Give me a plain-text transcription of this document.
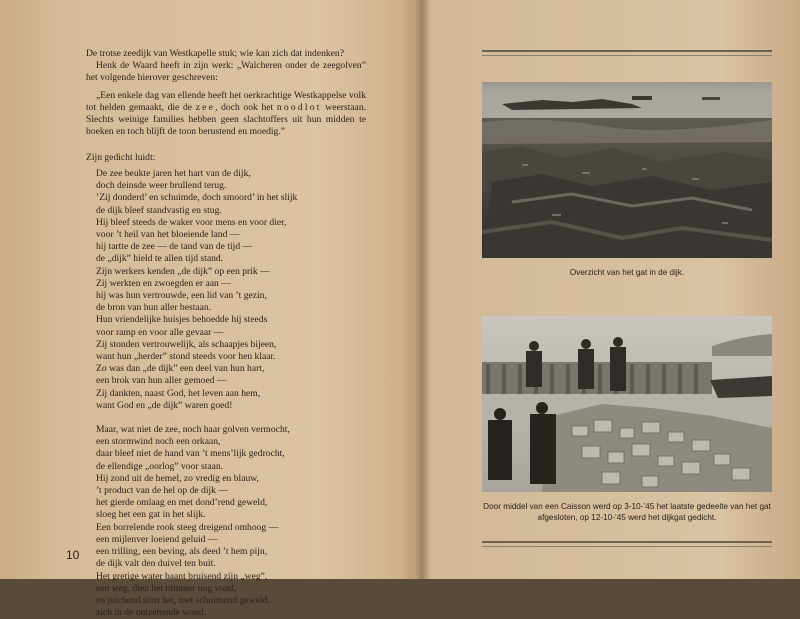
De trotse zeedijk van Westkapelle stuk; wie kan zich dat indenken?

Henk de Waard heeft in zijn werk: „Walcheren onder de zeegolven” het volgende hierover geschreven:

„Een enkele dag van ellende heeft het oerkrachtige Westkappelse volk tot helden gemaakt, die de zee, doch ook het noodlot weerstaan. Slechts weinige families hebben geen slachtoffers uit hun midden te boeken en toch blijft de toon berustend en moedig.”

Zijn gedicht luidt:
De zee beukte jaren het hart van de dijk,
doch deinsde weer brullend terug.
’Zij donderd’ en schuimde, doch smoord’ in het slijk
de dijk bleef standvastig en stug.
Hij bleef steeds de waker voor mens en voor dier,
voor ’t heil van het bloeiende land —
hij tartte de zee — de tand van de tijd —
de „dijk” hield te allen tijd stand.
Zijn werkers kenden „de dijk” op een prik —
Zij werkten en zwoegden er aan —
hij was hun vertrouwde, een lid van ’t gezin,
de bron van hun aller bestaan.
Hun vriendelijke huisjes behoedde hij steeds
voor ramp en voor alle gevaar —
Zij stonden vertrouwelijk, als schaapjes bijeen,
want hun „herder” stond steeds voor hen klaar.
Zo was dan „de dijk” een deel van hun hart,
een brok van hun aller gemoed —
Zij dankten, naast God, het leven aan hem,
want God en „de dijk” waren goed!
Maar, wat niet de zee, noch haar golven vermocht,
een stormwind noch een orkaan,
daar bleef niet de hand van ’t mens’lijk gedrocht,
de ellendige „oorlog” voor staan.
Hij zond uit de hemel, zo vredig en blauw,
’t product van de hel op de dijk —
het gierde omlaag en met dond’rend geweld,
sloeg het een gat in het slijk.
Een borrelende rook steeg dreigend omhoog —
een mijlenver loeiend geluid —
een trilling, een beving, als deed ’t hem pijn,
de dijk valt den duivel ten buit.
Het gretige water baant bruisend zijn „weg”,
een weg, dien het nimmer nog vond,
en juichend stort het, met schuimend geweld,
zich in de ontzettende wond.
10
Overzicht van het gat in de dijk.
Door middel van een Caisson werd op 3-10-’45 het laatste gedeelte van het gat afgesloten, op 12-10-’45 werd het dijkgat gedicht.
